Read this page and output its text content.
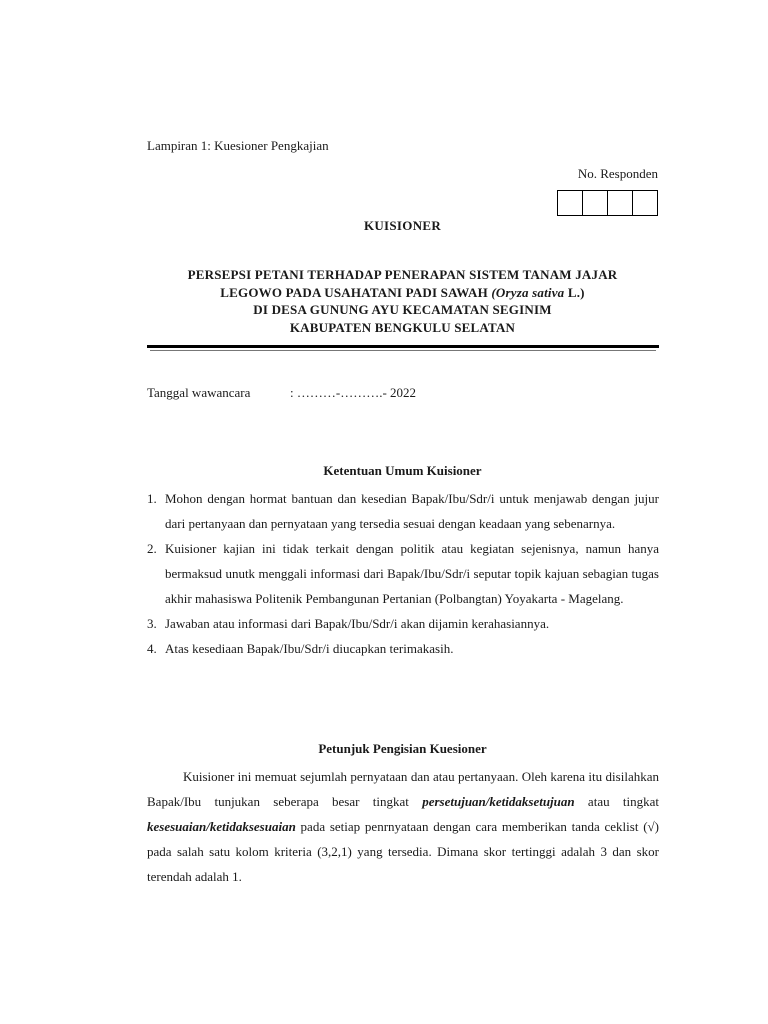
Lampiran 1: Kuesioner Pengkajian
No. Responden
KUISIONER
PERSEPSI PETANI TERHADAP PENERAPAN SISTEM TANAM JAJAR
LEGOWO PADA USAHATANI PADI SAWAH (Oryza sativa L.)
DI DESA GUNUNG AYU KECAMATAN SEGINIM
KABUPATEN BENGKULU SELATAN
Tanggal wawancara	: ………-……….- 2022
Ketentuan Umum Kuisioner
1. Mohon dengan hormat bantuan dan kesedian Bapak/Ibu/Sdr/i untuk menjawab dengan jujur dari pertanyaan dan pernyataan yang tersedia sesuai dengan keadaan yang sebenarnya.
2. Kuisioner kajian ini tidak terkait dengan politik atau kegiatan sejenisnya, namun hanya bermaksud unutk menggali informasi dari Bapak/Ibu/Sdr/i seputar topik kajuan sebagian tugas akhir mahasiswa Politenik Pembangunan Pertanian (Polbangtan) Yoyakarta - Magelang.
3. Jawaban atau informasi dari Bapak/Ibu/Sdr/i akan dijamin kerahasiannya.
4. Atas kesediaan Bapak/Ibu/Sdr/i diucapkan terimakasih.
Petunjuk Pengisian Kuesioner
Kuisioner ini memuat sejumlah pernyataan dan atau pertanyaan. Oleh karena itu disilahkan Bapak/Ibu tunjukan seberapa besar tingkat persetujuan/ketidaksetujuan atau tingkat kesesuaian/ketidaksesuaian pada setiap penrnyataan dengan cara memberikan tanda ceklist (√) pada salah satu kolom kriteria (3,2,1) yang tersedia. Dimana skor tertinggi adalah 3 dan skor terendah adalah 1.
